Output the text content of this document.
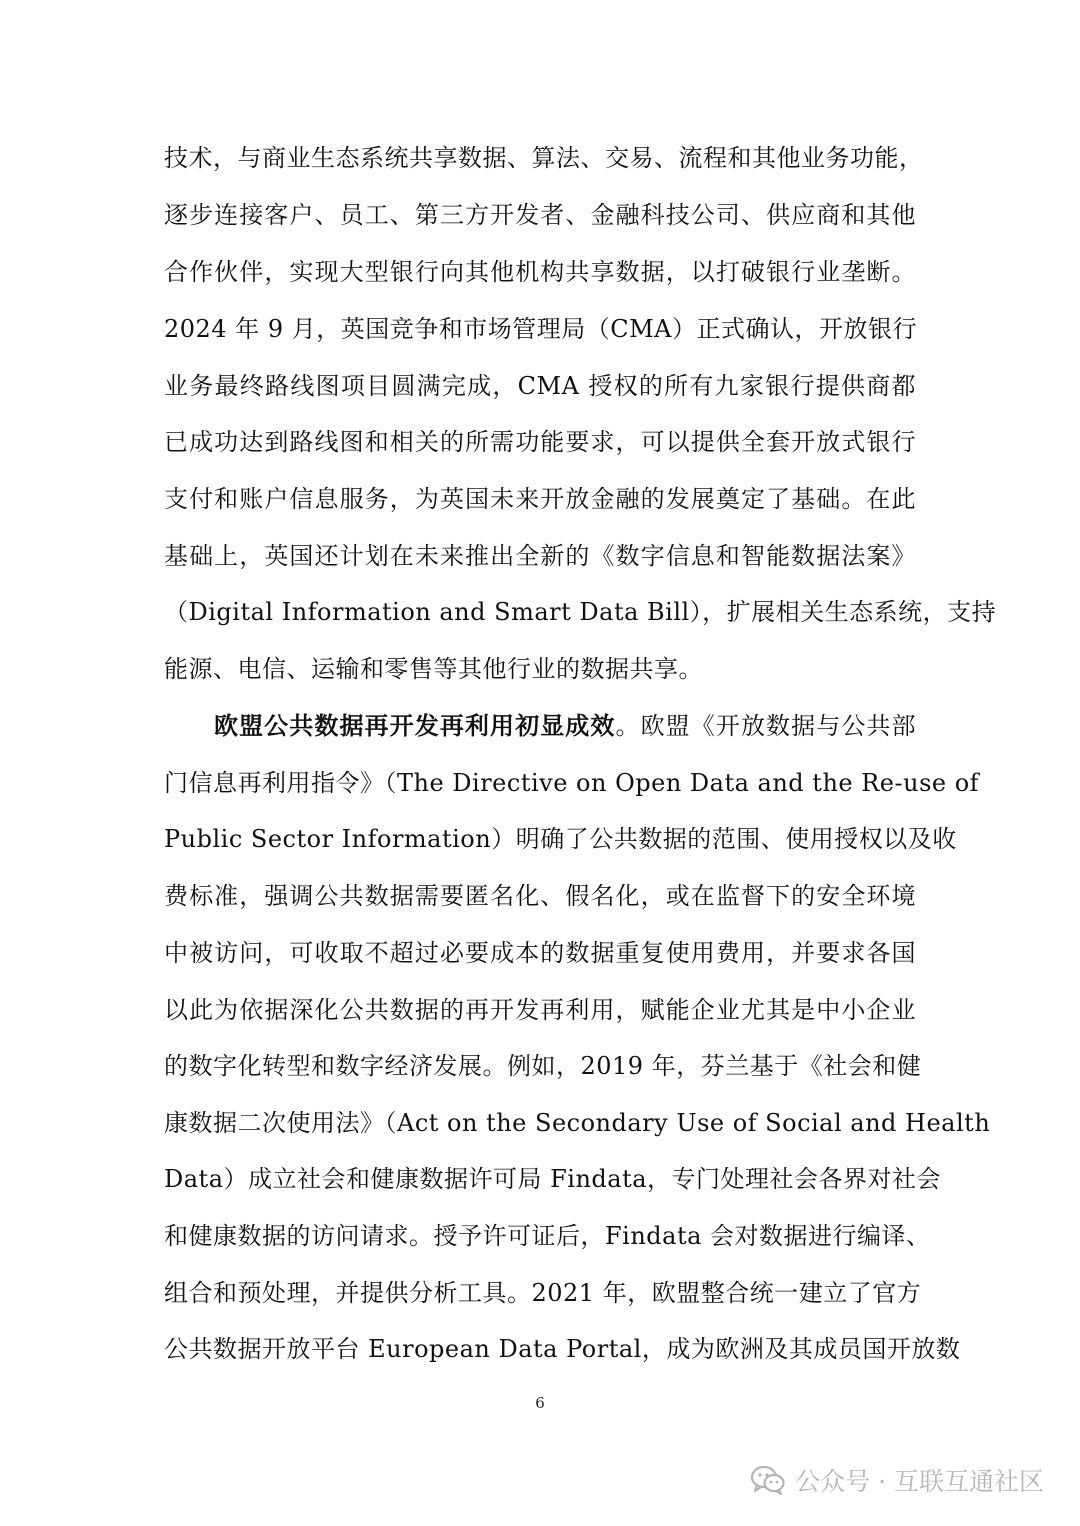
技术，与商业生态系统共享数据、算法、交易、流程和其他业务功能，
逐步连接客户、员工、第三方开发者、金融科技公司、供应商和其他
合作伙伴，实现大型银行向其他机构共享数据，以打破银行业垄断。
2024 年 9 月，英国竞争和市场管理局（CMA）正式确认，开放银行
业务最终路线图项目圆满完成，CMA 授权的所有九家银行提供商都
已成功达到路线图和相关的所需功能要求，可以提供全套开放式银行
支付和账户信息服务，为英国未来开放金融的发展奠定了基础。在此
基础上，英国还计划在未来推出全新的《数字信息和智能数据法案》
（Digital Information and Smart Data Bill），扩展相关生态系统，支持
能源、电信、运输和零售等其他行业的数据共享。
欧盟公共数据再开发再利用初显成效。欧盟《开放数据与公共部
门信息再利用指令》（The Directive on Open Data and the Re-use of
Public Sector Information）明确了公共数据的范围、使用授权以及收
费标准，强调公共数据需要匿名化、假名化，或在监督下的安全环境
中被访问，可收取不超过必要成本的数据重复使用费用，并要求各国
以此为依据深化公共数据的再开发再利用，赋能企业尤其是中小企业
的数字化转型和数字经济发展。例如，2019 年，芬兰基于《社会和健
康数据二次使用法》（Act on the Secondary Use of Social and Health
Data）成立社会和健康数据许可局 Findata，专门处理社会各界对社会
和健康数据的访问请求。授予许可证后，Findata 会对数据进行编译、
组合和预处理，并提供分析工具。2021 年，欧盟整合统一建立了官方
公共数据开放平台 European Data Portal，成为欧洲及其成员国开放数
6
公众号 · 互联互通社区
